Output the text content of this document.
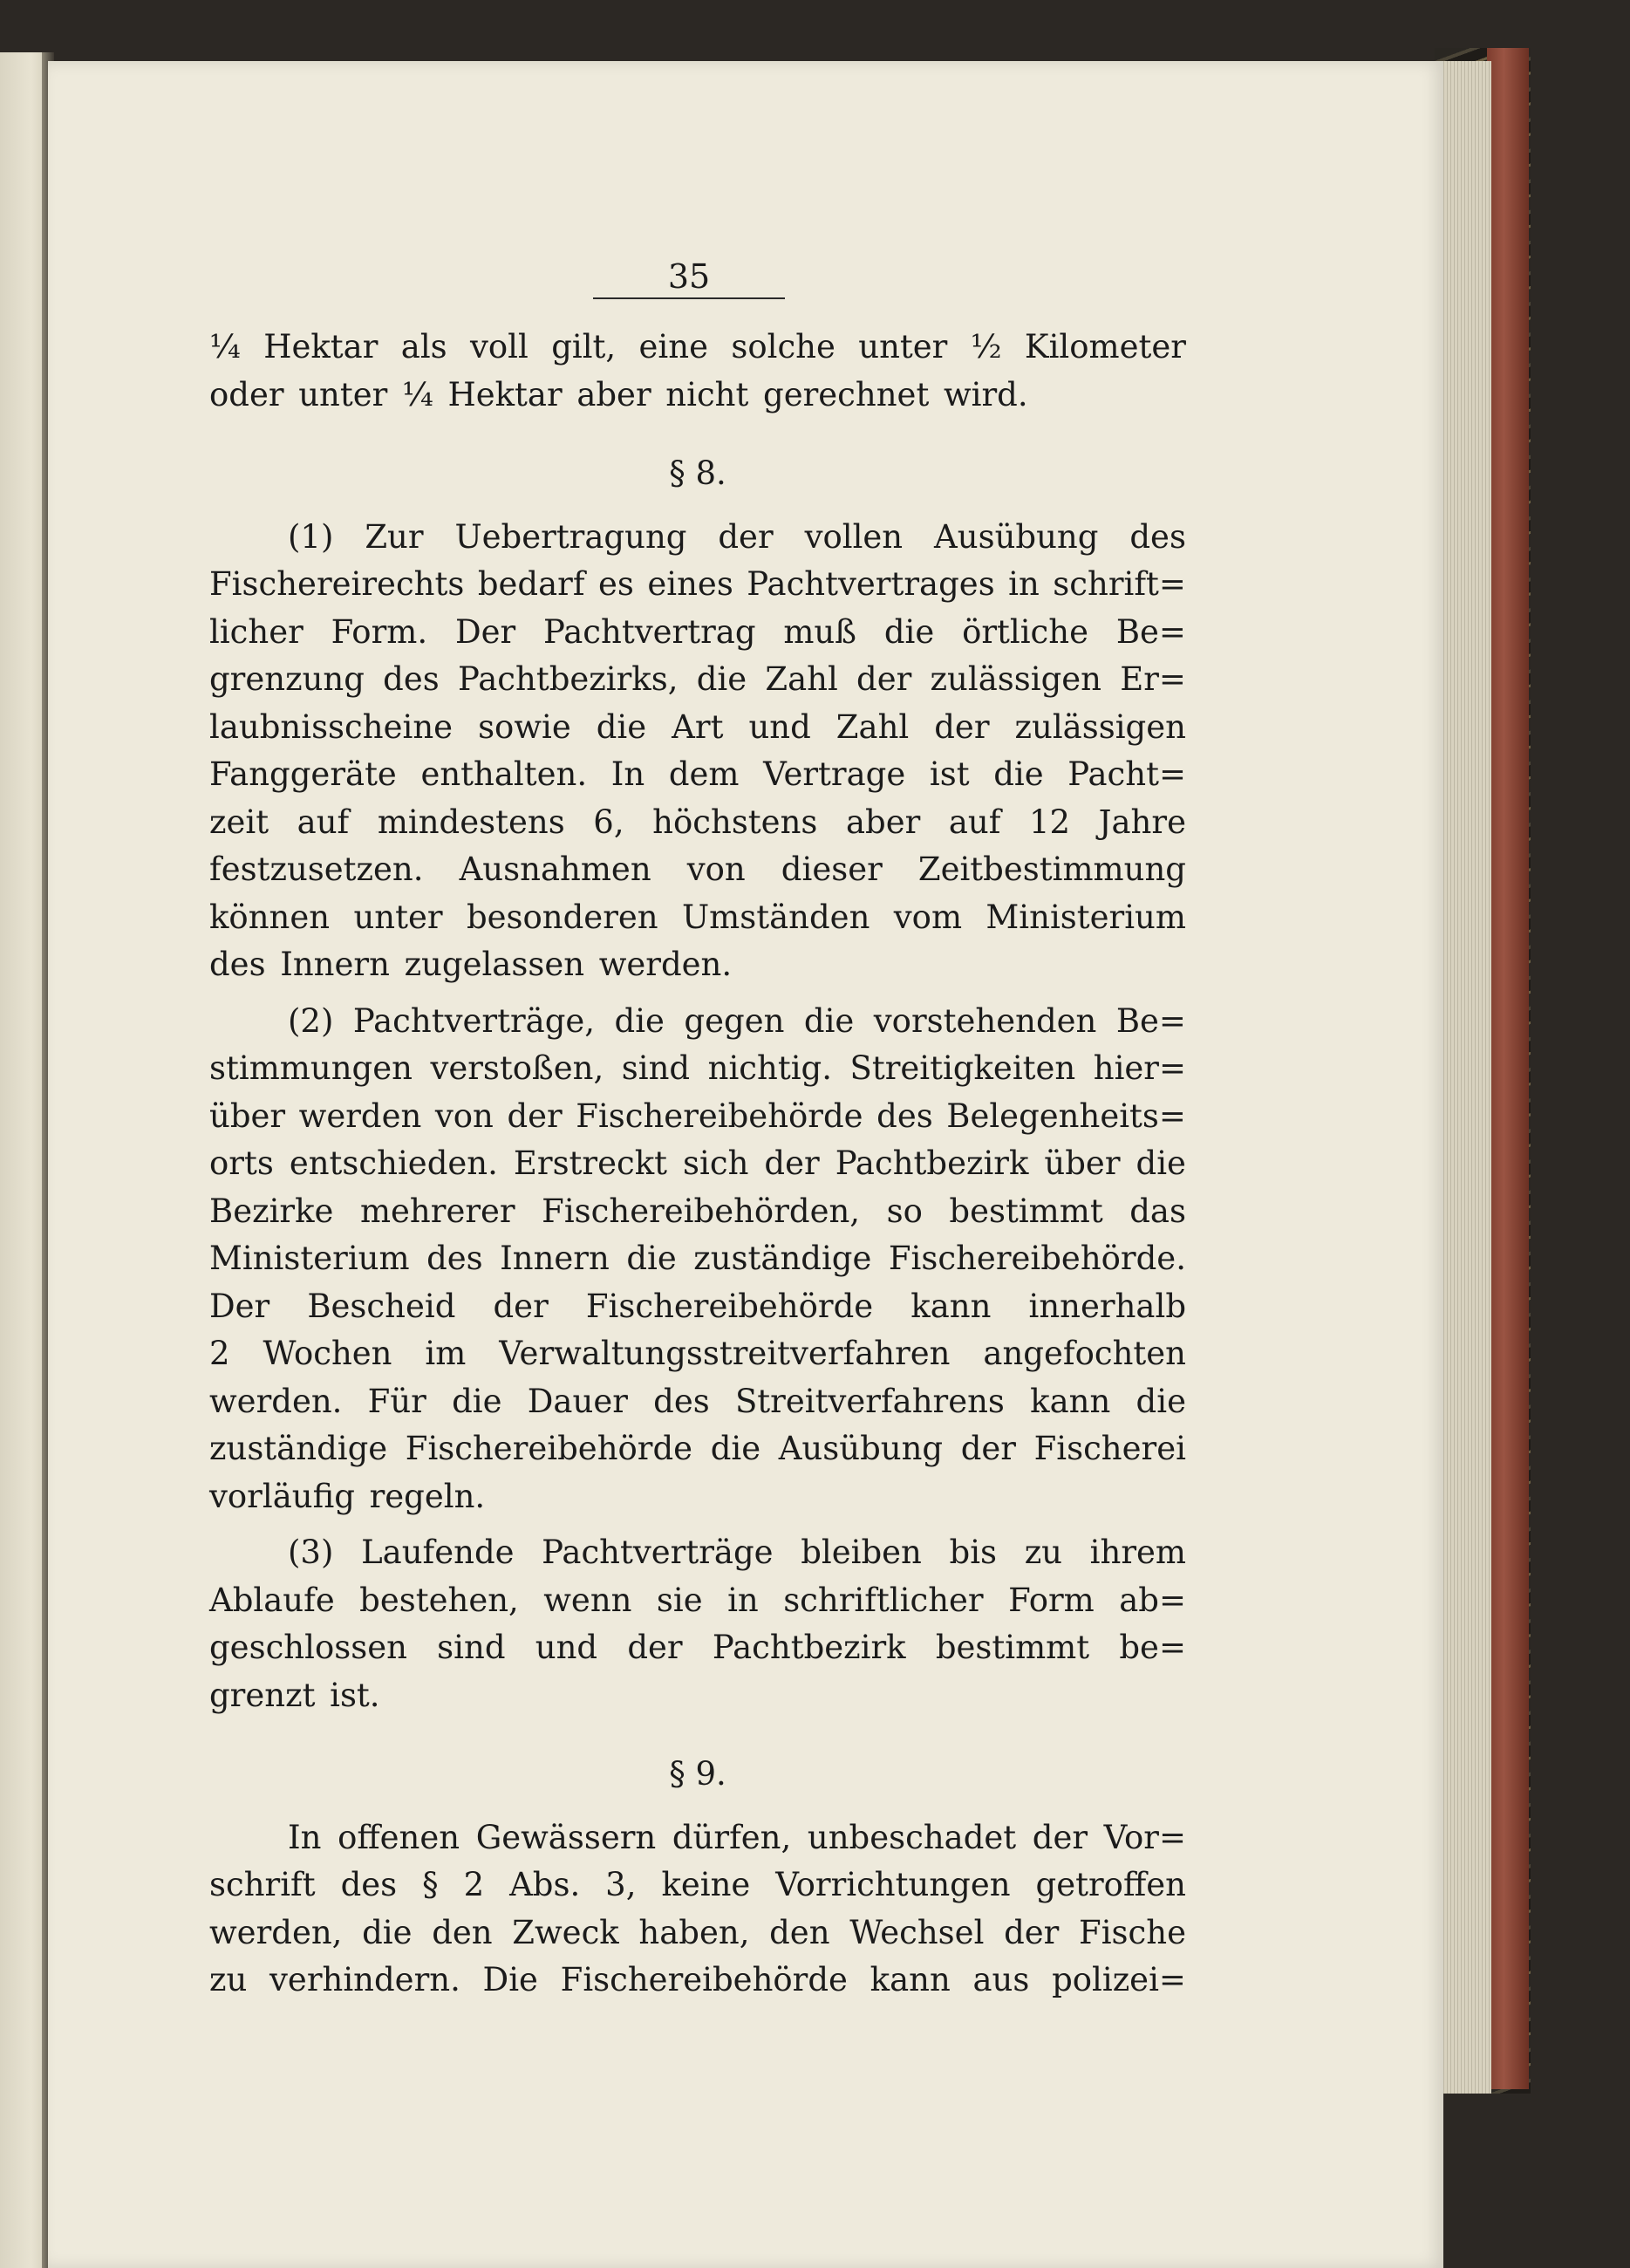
35
¼ Hektar als voll gilt, eine solche unter ½ Kilometer
oder unter ¼ Hektar aber nicht gerechnet wird.
§ 8.
(1) Zur Uebertragung der vollen Ausübung des
Fischereirechts bedarf es eines Pachtvertrages in schrift=
licher Form. Der Pachtvertrag muß die örtliche Be=
grenzung des Pachtbezirks, die Zahl der zulässigen Er=
laubnisscheine sowie die Art und Zahl der zulässigen
Fanggeräte enthalten. In dem Vertrage ist die Pacht=
zeit auf mindestens 6, höchstens aber auf 12 Jahre
festzusetzen. Ausnahmen von dieser Zeitbestimmung
können unter besonderen Umständen vom Ministerium
des Innern zugelassen werden.
(2) Pachtverträge, die gegen die vorstehenden Be=
stimmungen verstoßen, sind nichtig. Streitigkeiten hier=
über werden von der Fischereibehörde des Belegenheits=
orts entschieden. Erstreckt sich der Pachtbezirk über die
Bezirke mehrerer Fischereibehörden, so bestimmt das
Ministerium des Innern die zuständige Fischereibehörde.
Der Bescheid der Fischereibehörde kann innerhalb
2 Wochen im Verwaltungsstreitverfahren angefochten
werden. Für die Dauer des Streitverfahrens kann die
zuständige Fischereibehörde die Ausübung der Fischerei
vorläufig regeln.
(3) Laufende Pachtverträge bleiben bis zu ihrem
Ablaufe bestehen, wenn sie in schriftlicher Form ab=
geschlossen sind und der Pachtbezirk bestimmt be=
grenzt ist.
§ 9.
In offenen Gewässern dürfen, unbeschadet der Vor=
schrift des § 2 Abs. 3, keine Vorrichtungen getroffen
werden, die den Zweck haben, den Wechsel der Fische
zu verhindern. Die Fischereibehörde kann aus polizei=
